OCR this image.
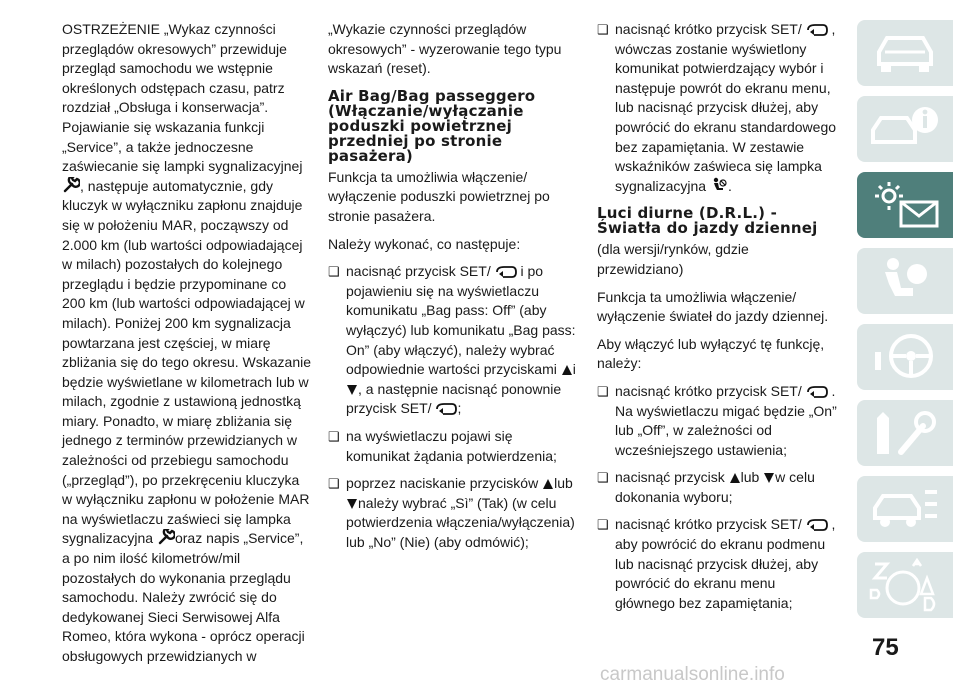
OSTRZEŻENIE „Wykaz czynności przeglądów okresowych” przewiduje przegląd samochodu we wstępnie określonych odstępach czasu, patrz rozdział „Obsługa i konserwacja”. Pojawianie się wskazania funkcji „Service”, a także jednoczesne zaświecanie się lampki sygnalizacyjnej , następuje automatycznie, gdy kluczyk w wyłączniku zapłonu znajduje się w położeniu MAR, począwszy od 2.000 km (lub wartości odpowiadającej w milach) pozostałych do kolejnego przeglądu i będzie przypominane co 200 km (lub wartości odpowiadającej w milach). Poniżej 200 km sygnalizacja powtarzana jest częściej, w miarę zbliżania się do tego okresu. Wskazanie będzie wyświetlane w kilometrach lub w milach, zgodnie z ustawioną jednostką miary. Ponadto, w miarę zbliżania się jednego z terminów przewidzianych w zależności od przebiegu samochodu („przegląd”), po przekręceniu kluczyka w wyłączniku zapłonu w położenie MAR na wyświetlaczu zaświeci się lampka sygnalizacyjna oraz napis „Service”, a po nim ilość kilometrów/mil pozostałych do wykonania przeglądu samochodu. Należy zwrócić się do dedykowanej Sieci Serwisowej Alfa Romeo, która wykona - oprócz operacji obsługowych przewidzianych w

„Wykazie czynności przeglądów okresowych” - wyzerowanie tego typu wskazań (reset).

Air Bag/Bag passeggero (Włączanie/wyłączanie poduszki powietrznej przedniej po stronie pasażera)

Funkcja ta umożliwia włączenie/ wyłączenie poduszki powietrznej po stronie pasażera.

Należy wykonać, co następuje:

❑ nacisnąć przycisk SET/ i po pojawieniu się na wyświetlaczu komunikatu „Bag pass: Off” (aby wyłączyć) lub komunikatu „Bag pass: On” (aby włączyć), należy wybrać odpowiednie wartości przyciskami i, a następnie nacisnąć ponownie przycisk SET/ ;
❑ na wyświetlaczu pojawi się komunikat żądania potwierdzenia;
❑ poprzez naciskanie przycisków lub należy wybrać „Sì” (Tak) (w celu potwierdzenia włączenia/wyłączenia) lub „No” (Nie) (aby odmówić);
❑ nacisnąć krótko przycisk SET/ , wówczas zostanie wyświetlony komunikat potwierdzający wybór i następuje powrót do ekranu menu, lub nacisnąć przycisk dłużej, aby powrócić do ekranu standardowego bez zapamiętania. W zestawie wskaźników zaświeca się lampka sygnalizacyjna .
Luci diurne (D.R.L.) - Światła do jazdy dziennej

(dla wersji/rynków, gdzie przewidziano)

Funkcja ta umożliwia włączenie/ wyłączenie świateł do jazdy dziennej.

Aby włączyć lub wyłączyć tę funkcję, należy:

❑ nacisnąć krótko przycisk SET/ . Na wyświetlaczu migać będzie „On” lub „Off”, w zależności od wcześniejszego ustawienia;
❑ nacisnąć przycisk lub w celu dokonania wyboru;
❑ nacisnąć krótko przycisk SET/ , aby powrócić do ekranu podmenu lub nacisnąć przycisk dłużej, aby powrócić do ekranu menu głównego bez zapamiętania;
75
carmanualsonline.info
